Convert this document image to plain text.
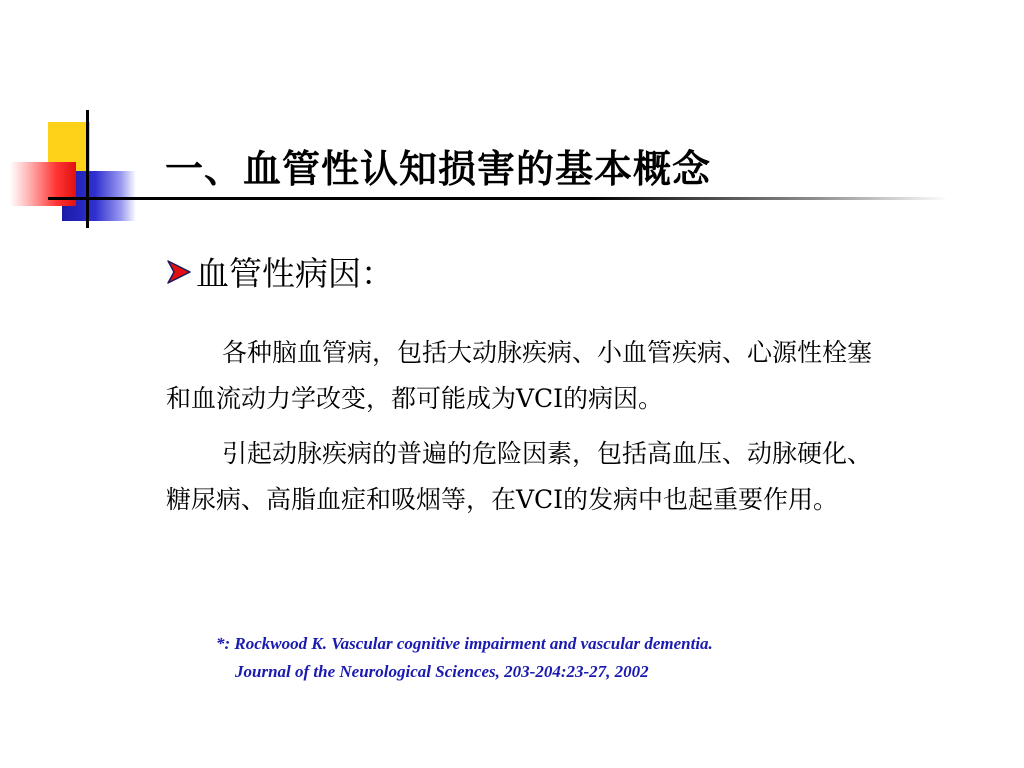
一、血管性认知损害的基本概念
血管性病因：

各种脑血管病，包括大动脉疾病、小血管疾病、心源性栓塞和血流动力学改变，都可能成为VCI的病因。

引起动脉疾病的普遍的危险因素，包括高血压、动脉硬化、糖尿病、高脂血症和吸烟等，在VCI的发病中也起重要作用。

*: Rockwood K. Vascular cognitive impairment and vascular dementia.
Journal of the Neurological Sciences, 203-204:23-27, 2002
